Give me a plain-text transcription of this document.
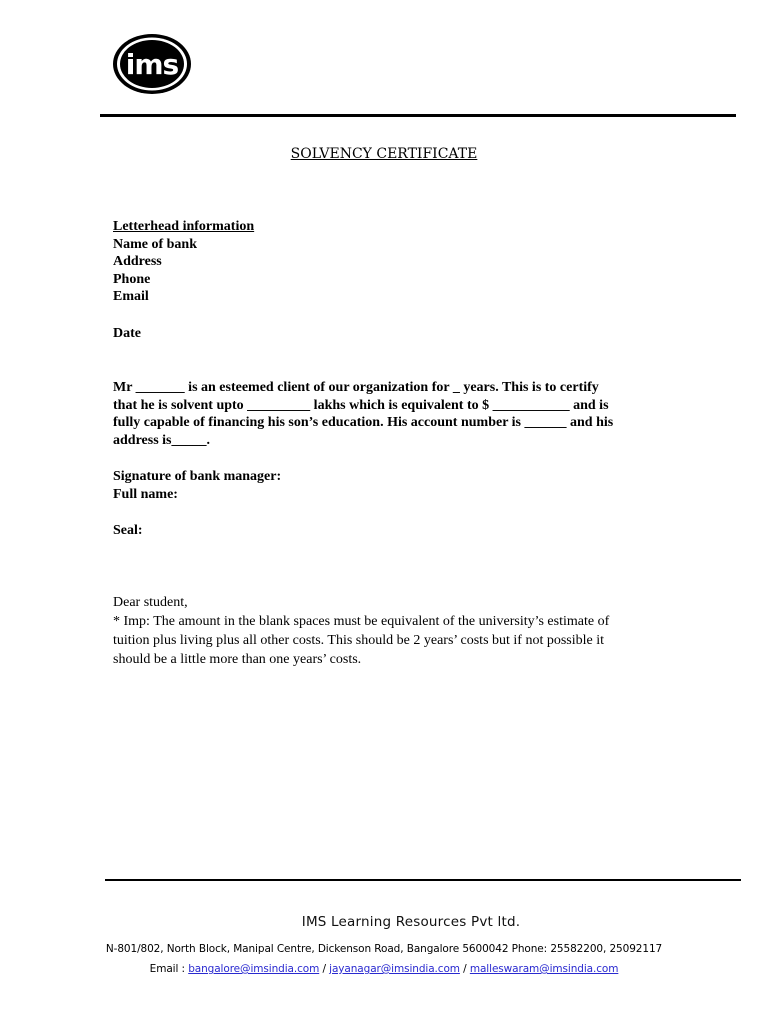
ims
SOLVENCY CERTIFICATE
Letterhead information
Name of bank
Address
Phone
Email
Date
Mr _______ is an esteemed client of our organization for _ years. This is to certify
that he is solvent upto _________ lakhs which is equivalent to $ ___________ and is
fully capable of financing his son’s education. His account number is ______ and his
address is_____.
Signature of bank manager:
Full name:
Seal:
Dear student,
* Imp: The amount in the blank spaces must be equivalent of the university’s estimate of
tuition plus living plus all other costs. This should be 2 years’ costs but if not possible it
should be a little more than one years’ costs.
IMS Learning Resources Pvt ltd.
N-801/802, North Block, Manipal Centre, Dickenson Road, Bangalore 5600042 Phone: 25582200, 25092117
Email : bangalore@imsindia.com / jayanagar@imsindia.com / malleswaram@imsindia.com
